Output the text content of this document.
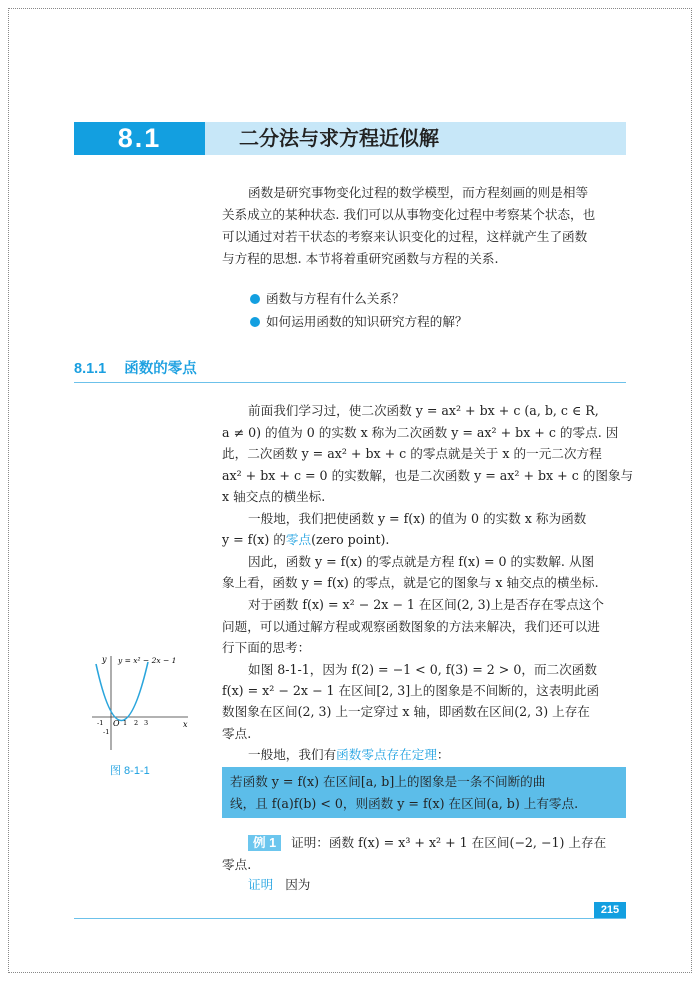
8.1	二分法与求方程近似解
函数是研究事物变化过程的数学模型，而方程刻画的则是相等
关系成立的某种状态. 我们可以从事物变化过程中考察某个状态，也
可以通过对若干状态的考察来认识变化的过程，这样就产生了函数
与方程的思想. 本节将着重研究函数与方程的关系.
函数与方程有什么关系？
如何运用函数的知识研究方程的解？
8.1.1 函数的零点
前面我们学习过，使二次函数 y = ax² + bx + c (a, b, c ∈ R,
a ≠ 0) 的值为 0 的实数 x 称为二次函数 y = ax² + bx + c 的零点. 因
此，二次函数 y = ax² + bx + c 的零点就是关于 x 的一元二次方程
ax² + bx + c = 0 的实数解，也是二次函数 y = ax² + bx + c 的图象与
x 轴交点的横坐标.
一般地，我们把使函数 y = f(x) 的值为 0 的实数 x 称为函数
y = f(x) 的零点(zero point).
因此，函数 y = f(x) 的零点就是方程 f(x) = 0 的实数解. 从图
象上看，函数 y = f(x) 的零点，就是它的图象与 x 轴交点的横坐标.
对于函数 f(x) = x² − 2x − 1 在区间(2, 3)上是否存在零点这个
问题，可以通过解方程或观察函数图象的方法来解决，我们还可以进
行下面的思考：
如图 8-1-1，因为 f(2) = −1 < 0, f(3) = 2 > 0，而二次函数
f(x) = x² − 2x − 1 在区间[2, 3]上的图象是不间断的，这表明此函
数图象在区间(2, 3) 上一定穿过 x 轴，即函数在区间(2, 3) 上存在
零点.
一般地，我们有函数零点存在定理：
若函数 y = f(x) 在区间[a, b]上的图象是一条不间断的曲
线，且 f(a)f(b) < 0，则函数 y = f(x) 在区间(a, b) 上有零点.
例 1 证明：函数 f(x) = x³ + x² + 1 在区间(−2, −1) 上存在
零点.
证明 因为
y
x
y = x² − 2x − 1
O
-1	1 2 3
-1
图 8-1-1
215
